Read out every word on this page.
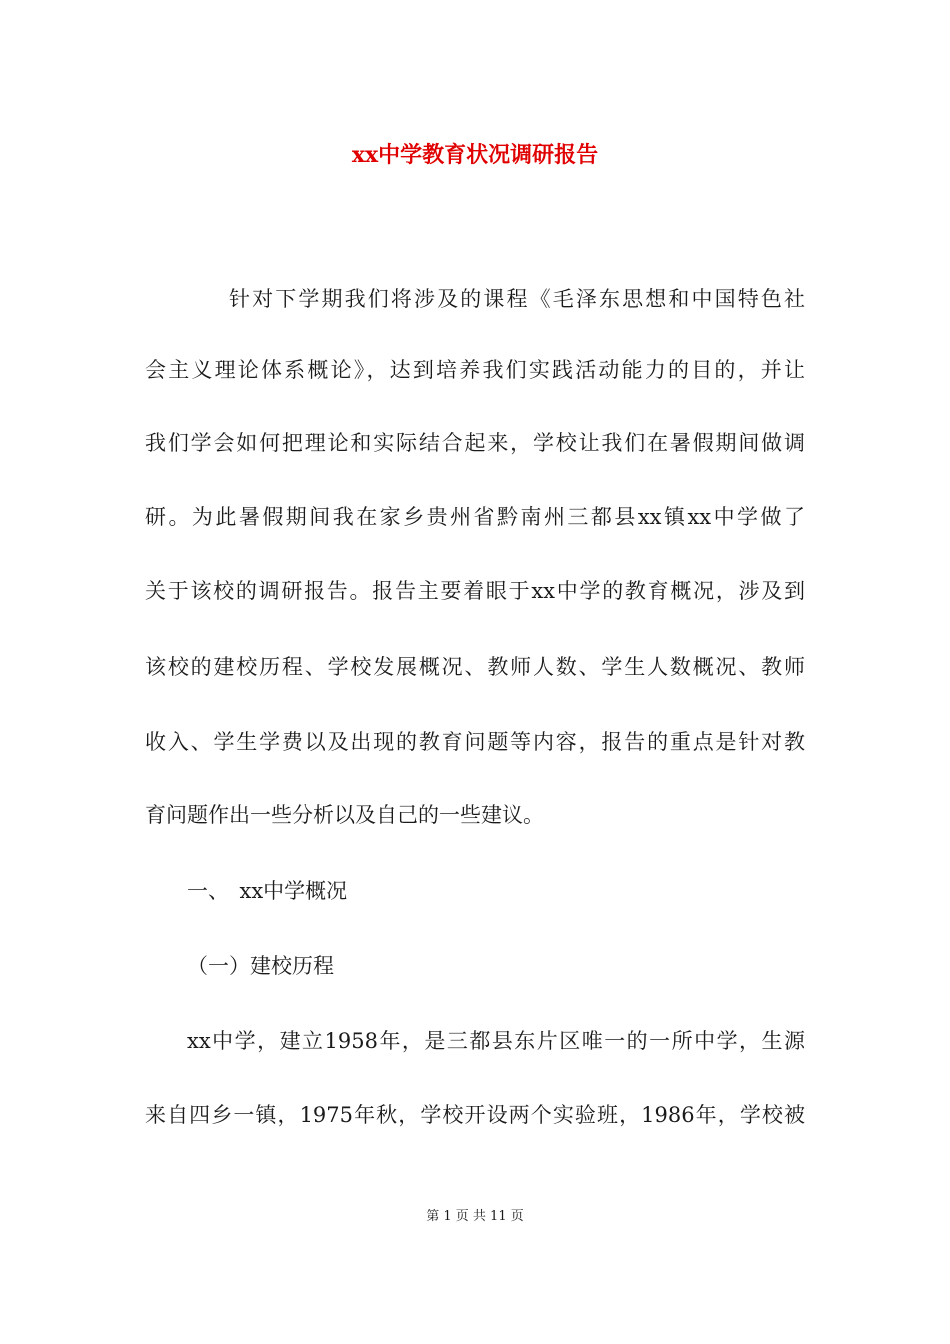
xx中学教育状况调研报告

针对下学期我们将涉及的课程《毛泽东思想和中国特色社

会主义理论体系概论》，达到培养我们实践活动能力的目的，并让

我们学会如何把理论和实际结合起来，学校让我们在暑假期间做调

研。为此暑假期间我在家乡贵州省黔南州三都县xx镇xx中学做了

关于该校的调研报告。报告主要着眼于xx中学的教育概况，涉及到

该校的建校历程、学校发展概况、教师人数、学生人数概况、教师

收入、学生学费以及出现的教育问题等内容，报告的重点是针对教

育问题作出一些分析以及自己的一些建议。

一、　xx中学概况

（一）建校历程

xx中学，建立1958年，是三都县东片区唯一的一所中学，生源

来自四乡一镇，1975年秋，学校开设两个实验班，1986年，学校被

第 1 页 共 11 页
